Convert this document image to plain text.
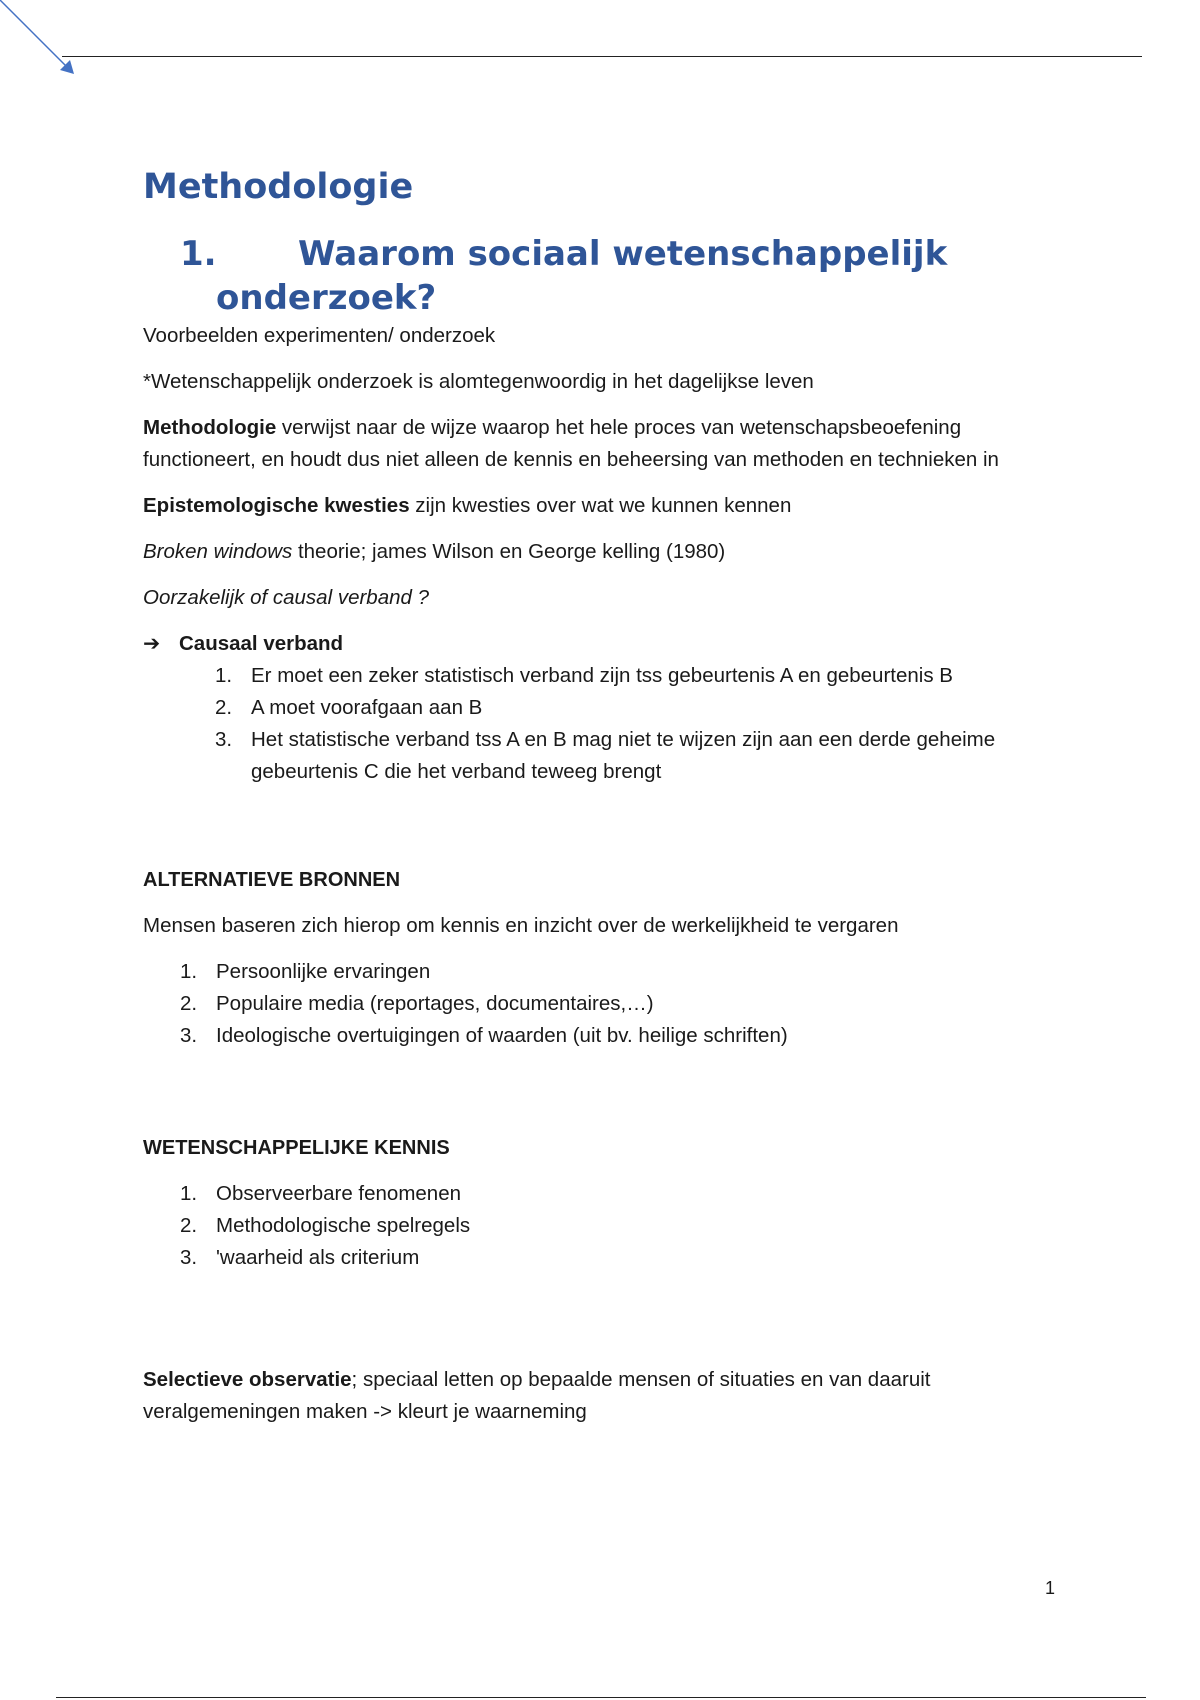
Methodologie
1. Waarom sociaal wetenschappelijk
onderzoek?

Voorbeelden experimenten/ onderzoek

*Wetenschappelijk onderzoek is alomtegenwoordig in het dagelijkse leven

Methodologie verwijst naar de wijze waarop het hele proces van wetenschapsbeoefening functioneert, en houdt dus niet alleen de kennis en beheersing van methoden en technieken in

Epistemologische kwesties zijn kwesties over wat we kunnen kennen

Broken windows theorie; james Wilson en George kelling (1980)

Oorzakelijk of causal verband ?

➔ Causaal verband
1. Er moet een zeker statistisch verband zijn tss gebeurtenis A en gebeurtenis B
2. A moet voorafgaan aan B
3. Het statistische verband tss A en B mag niet te wijzen zijn aan een derde geheime gebeurtenis C die het verband teweeg brengt
ALTERNATIEVE BRONNEN

Mensen baseren zich hierop om kennis en inzicht over de werkelijkheid te vergaren

1. Persoonlijke ervaringen
2. Populaire media (reportages, documentaires,…)
3. Ideologische overtuigingen of waarden (uit bv. heilige schriften)
WETENSCHAPPELIJKE KENNIS
1. Observeerbare fenomenen
2. Methodologische spelregels
3. 'waarheid als criterium

Selectieve observatie; speciaal letten op bepaalde mensen of situaties en van daaruit veralgemeningen maken -> kleurt je waarneming

1
